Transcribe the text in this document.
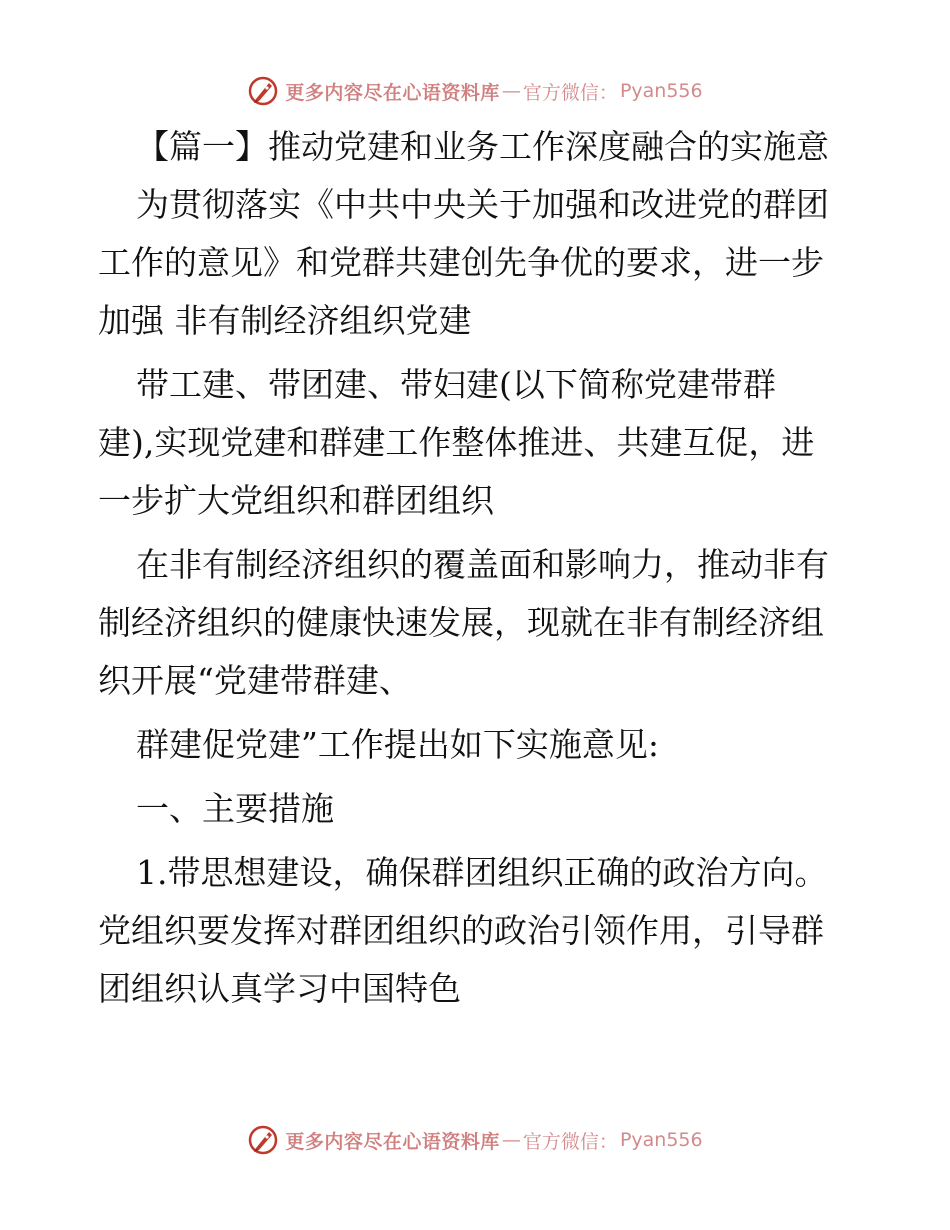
更多内容尽在心语资料库 — 官方微信： Pyan556

【篇一】推动党建和业务工作深度融合的实施意

为贯彻落实《中共中央关于加强和改进党的群团

工作的意见》和党群共建创先争优的要求，进一步

加强 非有制经济组织党建

带工建、带团建、带妇建(以下简称党建带群

建),实现党建和群建工作整体推进、共建互促，进

一步扩大党组织和群团组织

在非有制经济组织的覆盖面和影响力，推动非有

制经济组织的健康快速发展，现就在非有制经济组

织开展“党建带群建、

群建促党建”工作提出如下实施意见:

一、主要措施

1.带思想建设，确保群团组织正确的政治方向。

党组织要发挥对群团组织的政治引领作用，引导群

团组织认真学习中国特色

更多内容尽在心语资料库 — 官方微信： Pyan556
